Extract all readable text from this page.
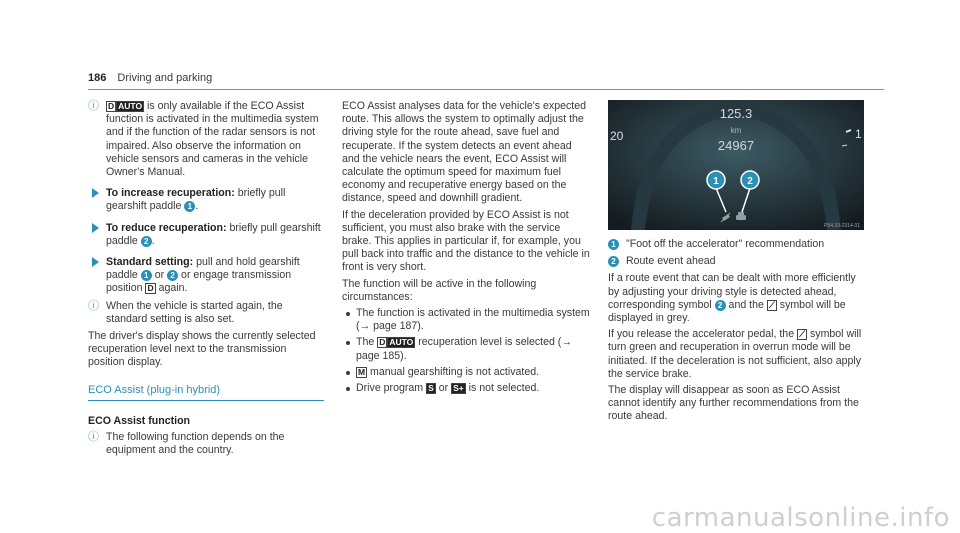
186 Driving and parking
ⓘ D AUTO is only available if the ECO Assist function is activated in the multimedia system and if the function of the radar sensors is not impaired. Also observe the information on vehicle sensors and cameras in the vehicle Owner's Manual.
To increase recuperation: briefly pull gearshift paddle 1 .
To reduce recuperation: briefly pull gearshift paddle 2 .
Standard setting: pull and hold gearshift paddle 1 or 2 or engage transmission position D again.
ⓘ When the vehicle is started again, the standard setting is also set.

The driver's display shows the currently selected recuperation level next to the transmission position display.

ECO Assist (plug-in hybrid)
ECO Assist function
ⓘ The following function depends on the equipment and the country.

ECO Assist analyses data for the vehicle's expected route. This allows the system to optimally adjust the driving style for the route ahead, save fuel and recuperate. If the system detects an event ahead and the vehicle nears the event, ECO Assist will calculate the optimum speed for maximum fuel economy and recuperative energy based on the distance, speed and downhill gradient.

If the deceleration provided by ECO Assist is not sufficient, you must also brake with the service brake. This applies in particular if, for example, you pull back into traffic and the distance to the vehicle in front is very short.

The function will be active in the following circumstances:

The function is activated in the multimedia system (→ page 187).
The D AUTO recuperation level is selected (→ page 185).
M manual gearshifting is not activated.
Drive program S or S+ is not selected.
20	1
125.3
km
24967
1	2
P54.33-2314-31
1 "Foot off the accelerator" recommendation
2 Route event ahead

If a route event that can be dealt with more efficiently by adjusting your driving style is detected ahead, corresponding symbol 2 and the ⟋ symbol will be displayed in grey.

If you release the accelerator pedal, the ⟋ symbol will turn green and recuperation in overrun mode will be initiated. If the deceleration is not sufficient, also apply the service brake.

The display will disappear as soon as ECO Assist cannot identify any further recommendations from the route ahead.

carmanualsonline.info
